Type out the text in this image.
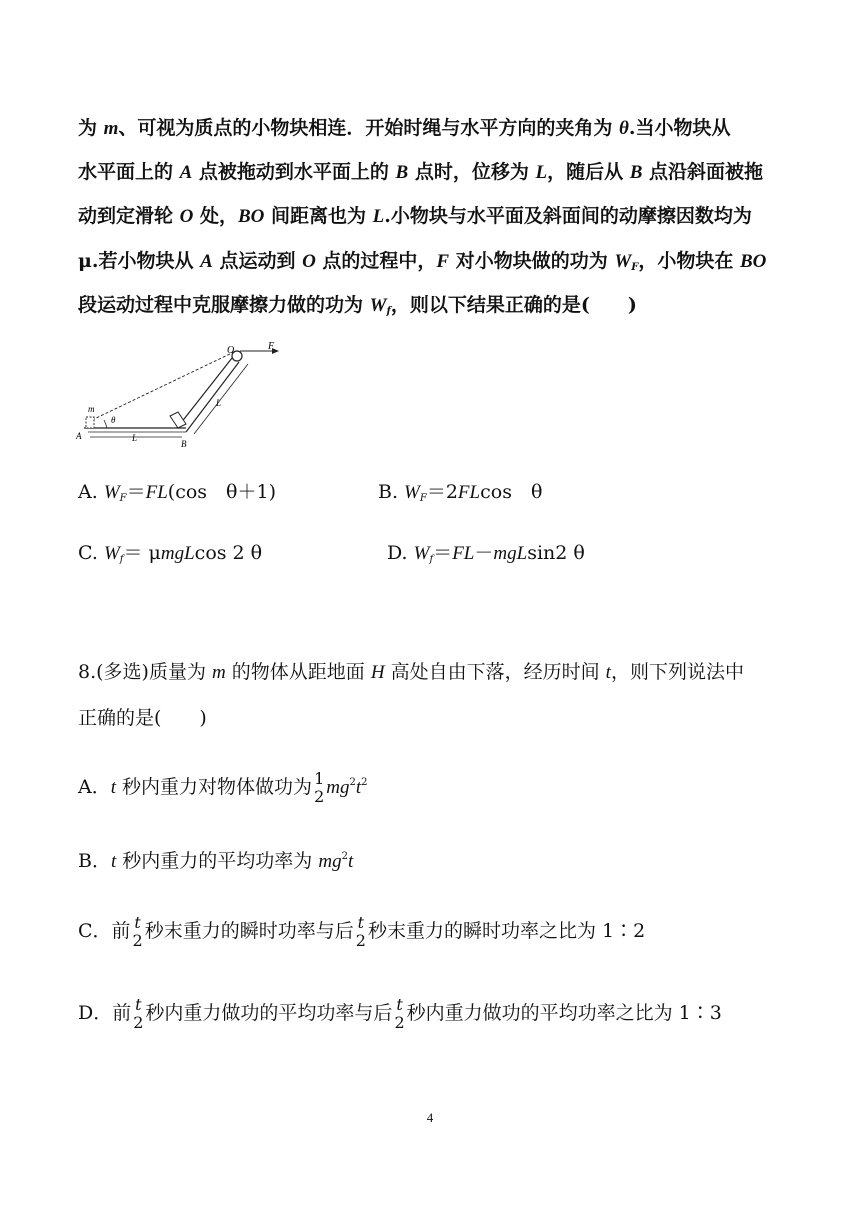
为 m、可视为质点的小物块相连．开始时绳与水平方向的夹角为 θ.当小物块从
水平面上的 A 点被拖动到水平面上的 B 点时，位移为 L，随后从 B 点沿斜面被拖
动到定滑轮 O 处，BO 间距离也为 L.小物块与水平面及斜面间的动摩擦因数均为
μ.若小物块从 A 点运动到 O 点的过程中，F 对小物块做的功为 $W_F$，小物块在 BO
段运动过程中克服摩擦力做的功为 $W_f$，则以下结果正确的是(　　)
O	F
m
θ
A
B
L
L
A. $W_F=FL(\cos$　θ＋1)	B. $W_F=2FLcos$　θ
C. $W_f= \mu mgLcos$ 2 θ	D. $W_f=FL-mgLsin2$ θ
8.(多选)质量为 m 的物体从距地面 H 高处自由下落，经历时间 t，则下列说法中
正确的是(　　)
A．t 秒内重力对物体做功为 1
2 $mg^2t^2$
B．t 秒内重力的平均功率为 $mg^2t$
C．前 t
2 秒末重力的瞬时功率与后 t
2 秒末重力的瞬时功率之比为 1∶2
D．前 t
2 秒内重力做功的平均功率与后 t
2 秒内重力做功的平均功率之比为 1∶3
4
